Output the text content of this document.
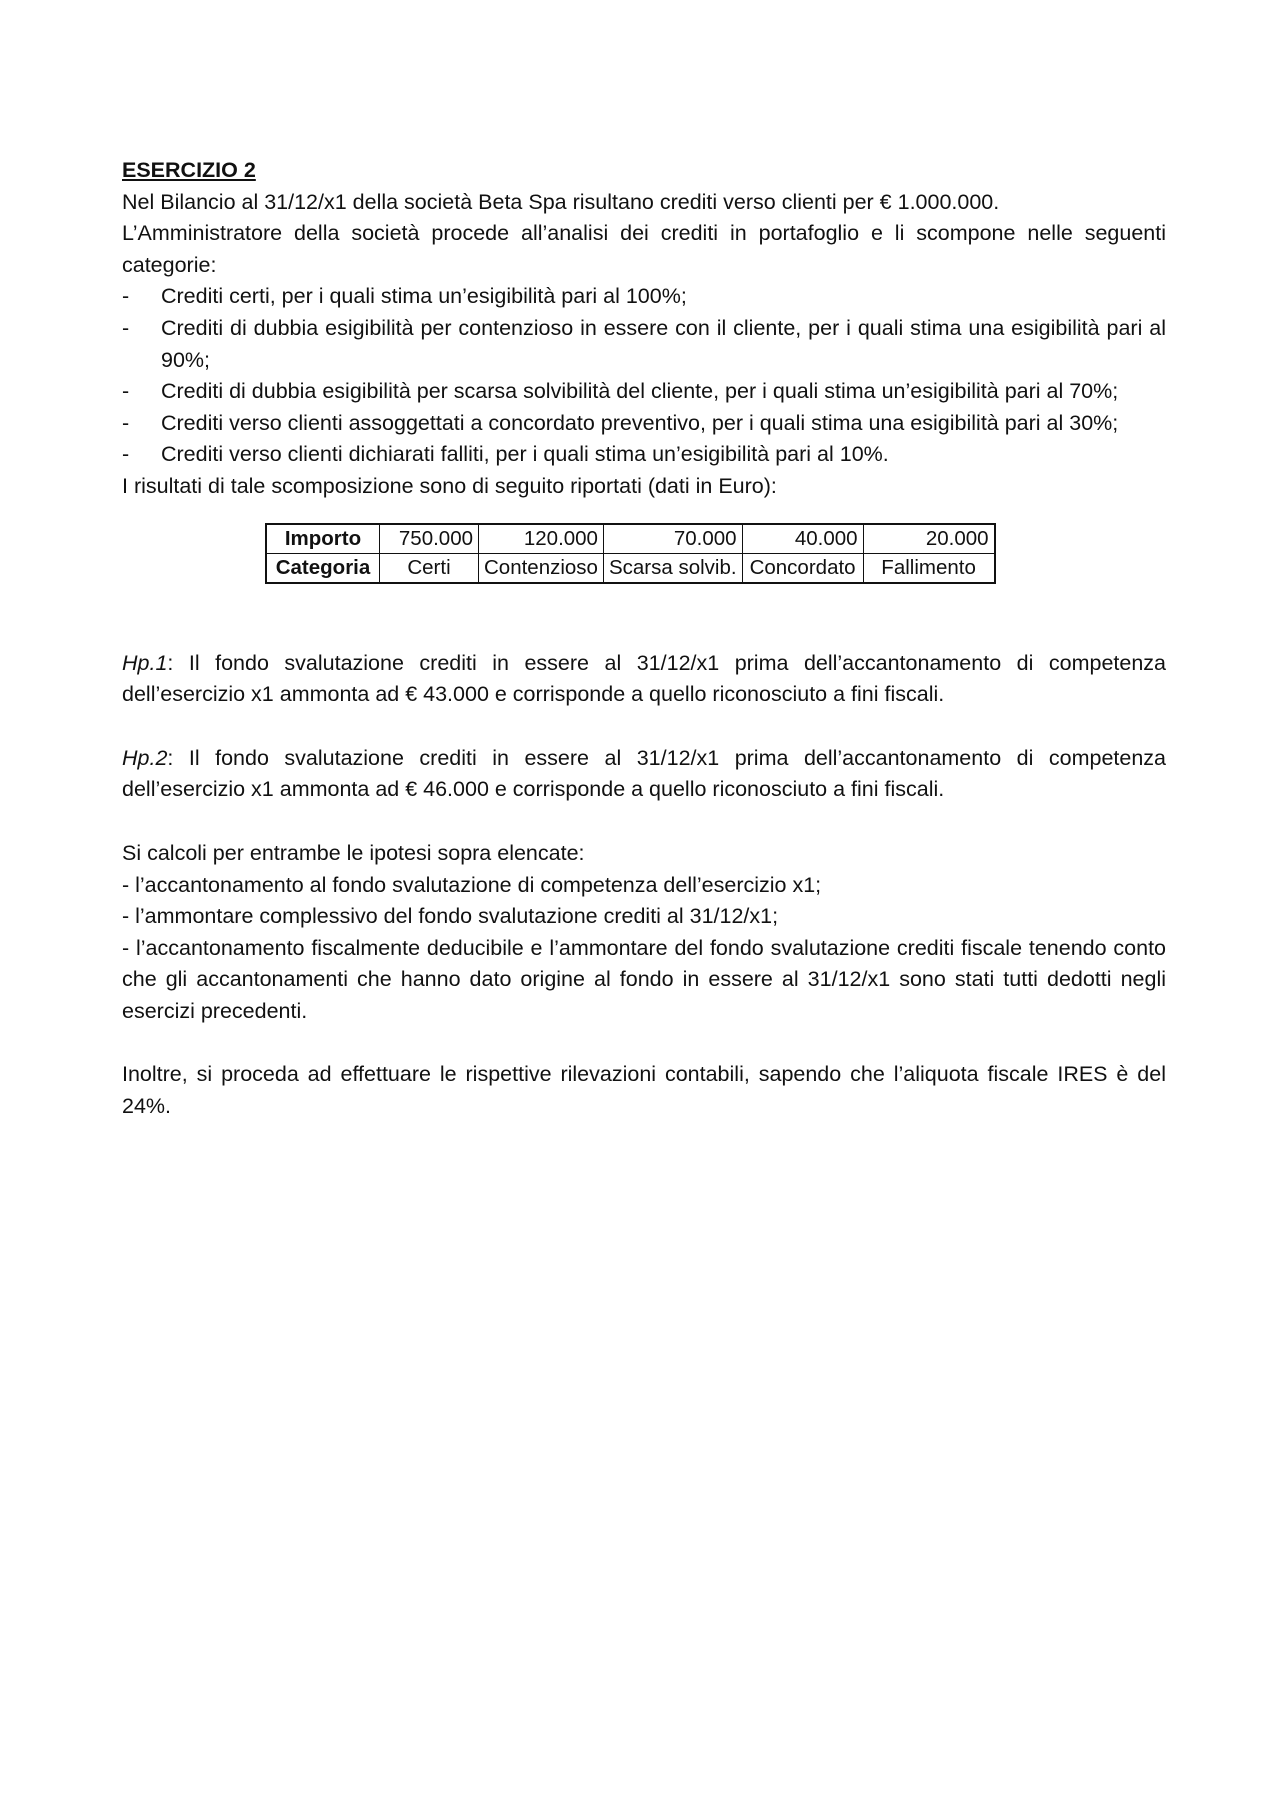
ESERCIZIO 2

Nel Bilancio al 31/12/x1 della società Beta Spa risultano crediti verso clienti per € 1.000.000.

L’Amministratore della società procede all’analisi dei crediti in portafoglio e li scompone nelle seguenti categorie:

- Crediti certi, per i quali stima un’esigibilità pari al 100%;
- Crediti di dubbia esigibilità per contenzioso in essere con il cliente, per i quali stima una esigibilità pari al 90%;
- Crediti di dubbia esigibilità per scarsa solvibilità del cliente, per i quali stima un’esigibilità pari al 70%;
- Crediti verso clienti assoggettati a concordato preventivo, per i quali stima una esigibilità pari al 30%;
- Crediti verso clienti dichiarati falliti, per i quali stima un’esigibilità pari al 10%.

I risultati di tale scomposizione sono di seguito riportati (dati in Euro):

Importo	750.000	120.000	70.000	40.000	20.000
Categoria	Certi	Contenzioso	Scarsa solvib.	Concordato	Fallimento

Hp.1: Il fondo svalutazione crediti in essere al 31/12/x1 prima dell’accantonamento di competenza dell’esercizio x1 ammonta ad € 43.000 e corrisponde a quello riconosciuto a fini fiscali.

Hp.2: Il fondo svalutazione crediti in essere al 31/12/x1 prima dell’accantonamento di competenza dell’esercizio x1 ammonta ad € 46.000 e corrisponde a quello riconosciuto a fini fiscali.

Si calcoli per entrambe le ipotesi sopra elencate:

- l’accantonamento al fondo svalutazione di competenza dell’esercizio x1;

- l’ammontare complessivo del fondo svalutazione crediti al 31/12/x1;

- l’accantonamento fiscalmente deducibile e l’ammontare del fondo svalutazione crediti fiscale tenendo conto che gli accantonamenti che hanno dato origine al fondo in essere al 31/12/x1 sono stati tutti dedotti negli esercizi precedenti.

Inoltre, si proceda ad effettuare le rispettive rilevazioni contabili, sapendo che l’aliquota fiscale IRES è del 24%.
